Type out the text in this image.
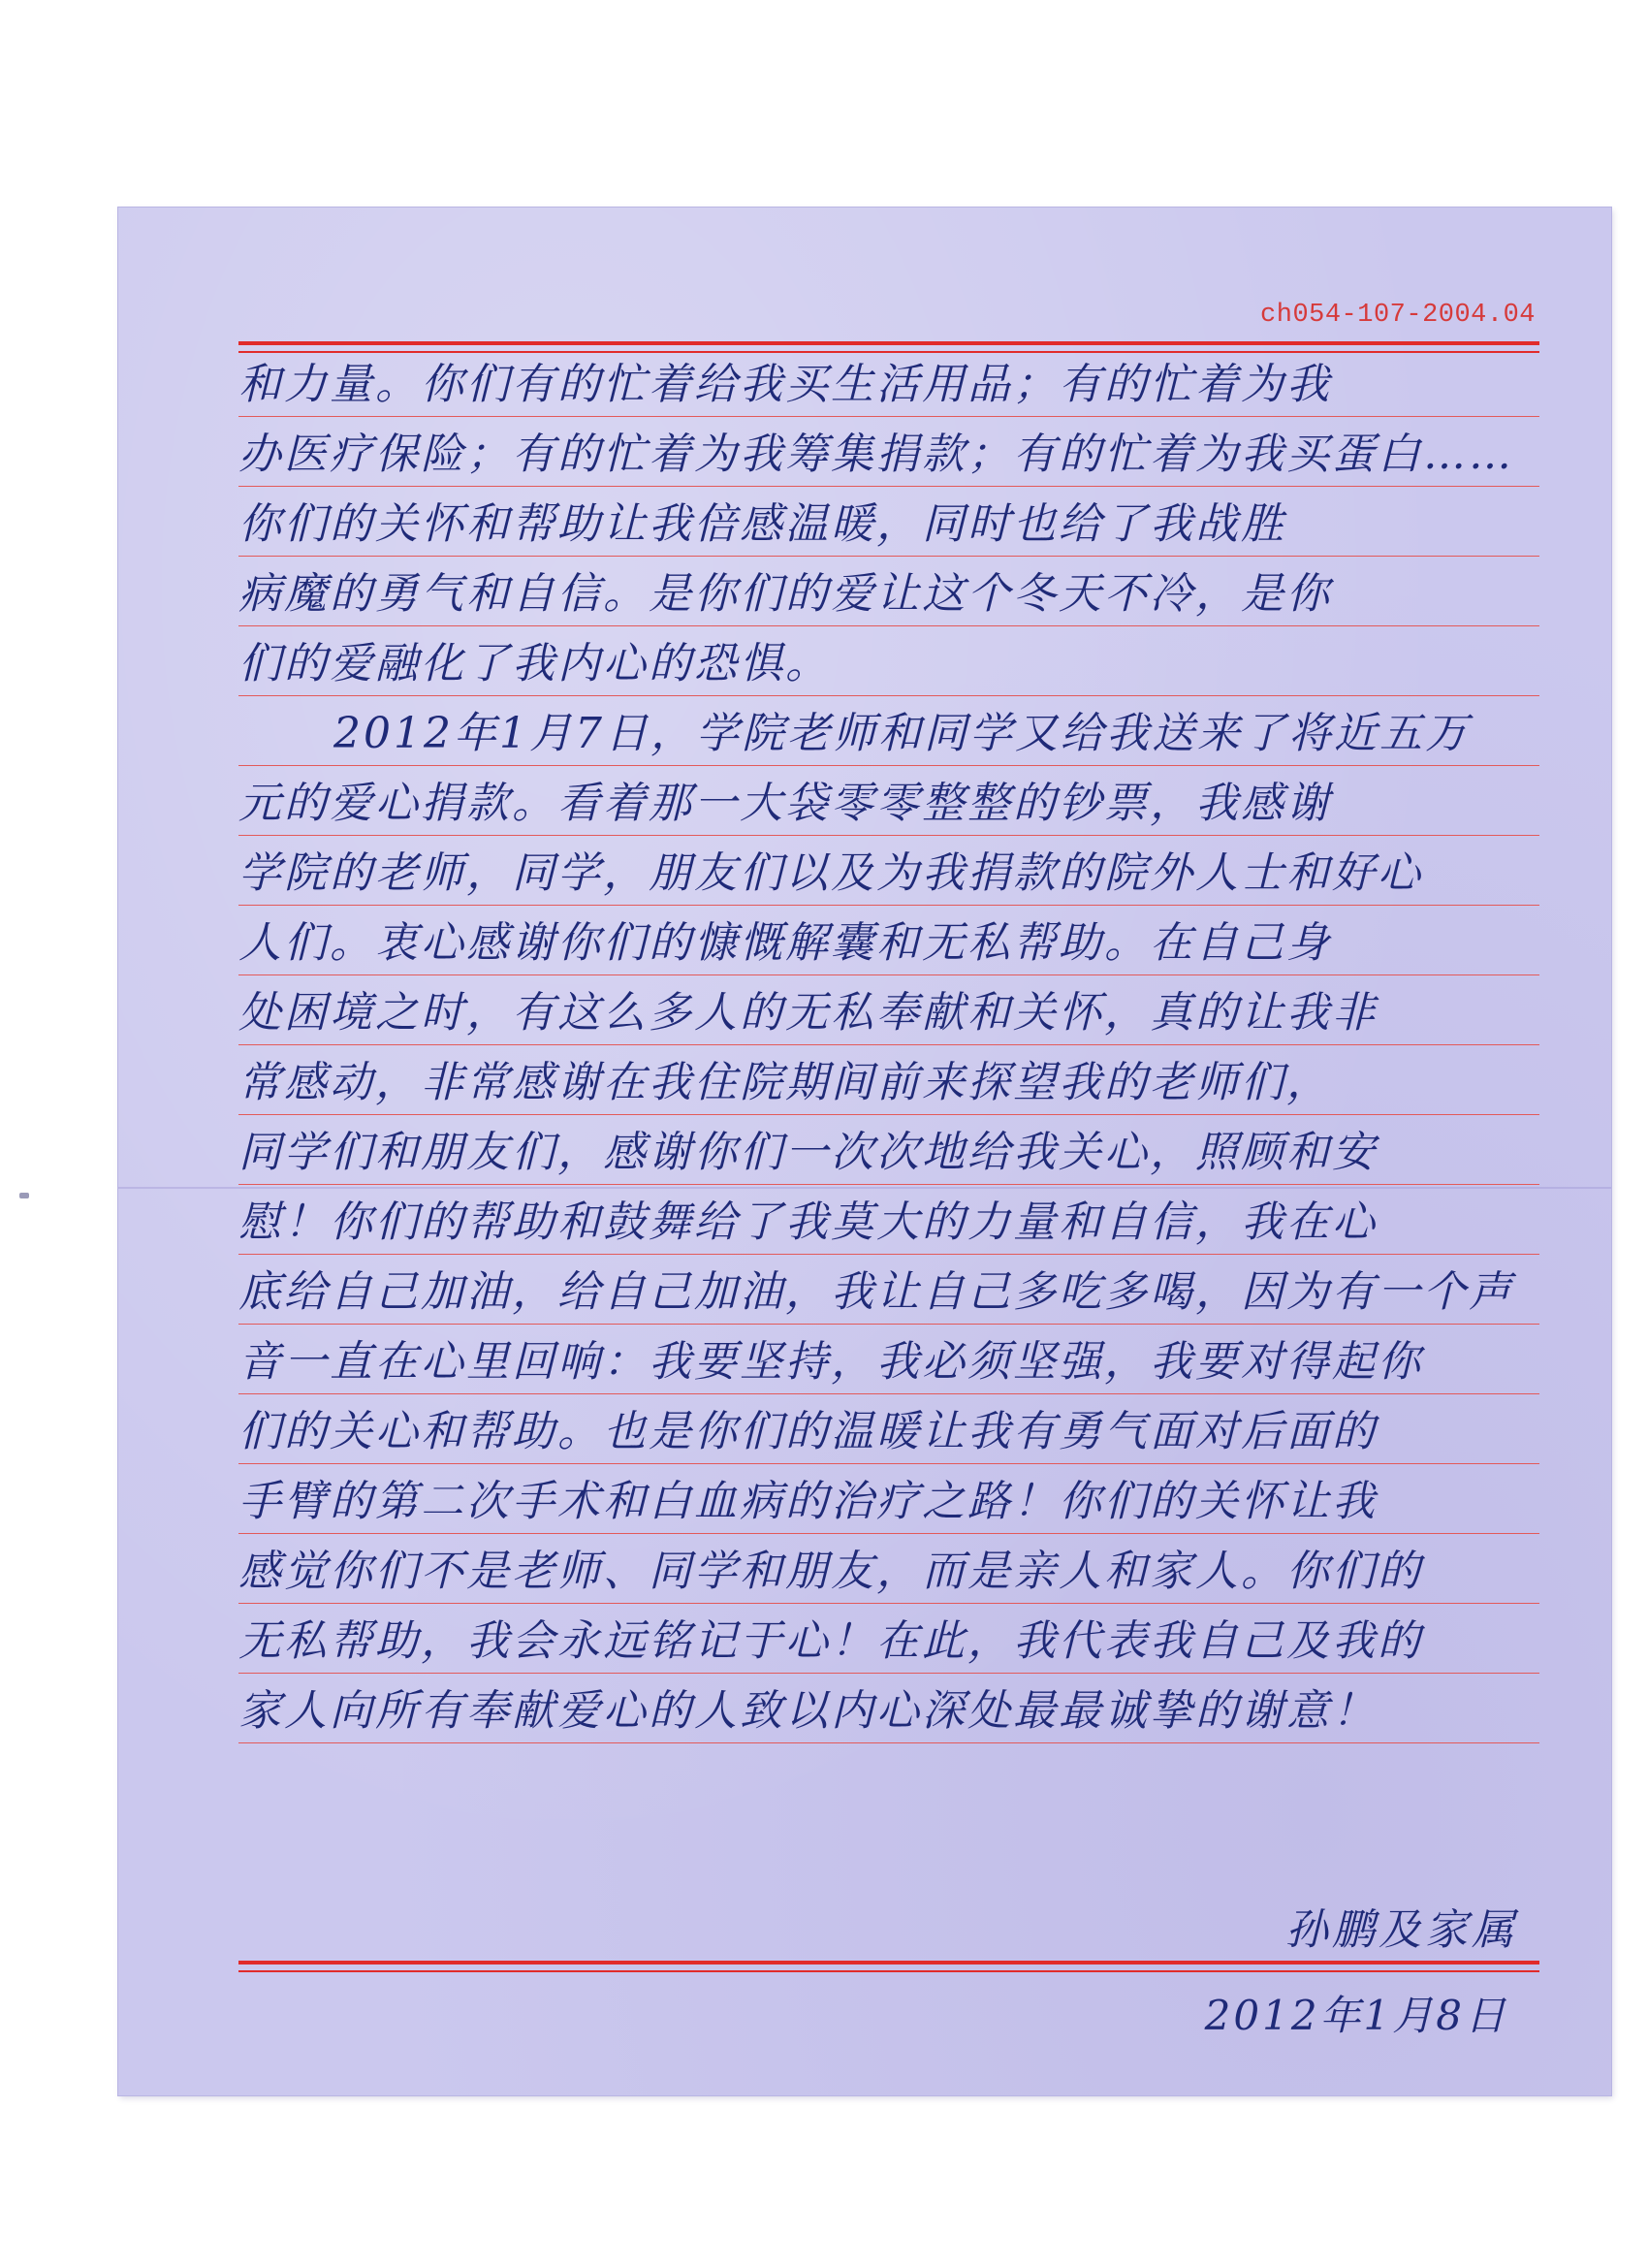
ch054-107-2004.04
和力量。你们有的忙着给我买生活用品；有的忙着为我
办医疗保险；有的忙着为我筹集捐款；有的忙着为我买蛋白……
你们的关怀和帮助让我倍感温暖，同时也给了我战胜
病魔的勇气和自信。是你们的爱让这个冬天不冷，是你
们的爱融化了我内心的恐惧。
2012年1月7日，学院老师和同学又给我送来了将近五万
元的爱心捐款。看着那一大袋零零整整的钞票，我感谢
学院的老师，同学，朋友们以及为我捐款的院外人士和好心
人们。衷心感谢你们的慷慨解囊和无私帮助。在自己身
处困境之时，有这么多人的无私奉献和关怀，真的让我非
常感动，非常感谢在我住院期间前来探望我的老师们，
同学们和朋友们，感谢你们一次次地给我关心，照顾和安
慰！你们的帮助和鼓舞给了我莫大的力量和自信，我在心
底给自己加油，给自己加油，我让自己多吃多喝，因为有一个声
音一直在心里回响：我要坚持，我必须坚强，我要对得起你
们的关心和帮助。也是你们的温暖让我有勇气面对后面的
手臂的第二次手术和白血病的治疗之路！你们的关怀让我
感觉你们不是老师、同学和朋友，而是亲人和家人。你们的
无私帮助，我会永远铭记于心！在此，我代表我自己及我的
家人向所有奉献爱心的人致以内心深处最最诚挚的谢意！
孙鹏及家属
2012年1月8日
